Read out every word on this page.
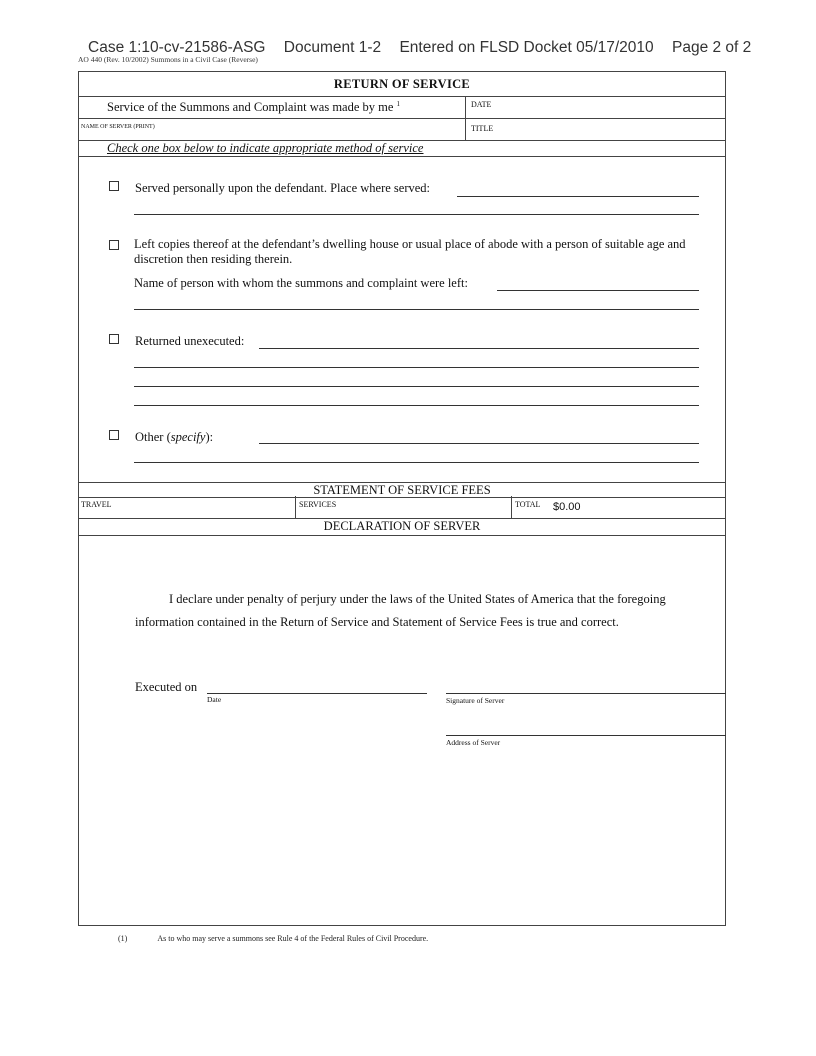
Case 1:10-cv-21586-ASG Document 1-2 Entered on FLSD Docket 05/17/2010 Page 2 of 2
AO 440 (Rev. 10/2002) Summons in a Civil Case (Reverse)
RETURN OF SERVICE
Service of the Summons and Complaint was made by me $^1$	DATE
NAME OF SERVER (PRINT)	TITLE
Check one box below to indicate appropriate method of service
Served personally upon the defendant. Place where served:
Left copies thereof at the defendant’s dwelling house or usual place of abode with a person of suitable age and discretion then residing therein.
Name of person with whom the summons and complaint were left:
Returned unexecuted:
Other (specify):
STATEMENT OF SERVICE FEES
TRAVEL	SERVICES	TOTAL $0.00
DECLARATION OF SERVER
I declare under penalty of perjury under the laws of the United States of America that the foregoing information contained in the Return of Service and Statement of Service Fees is true and correct.
Executed on
Date	Signature of Server
Address of Server
(1)	As to who may serve a summons see Rule 4 of the Federal Rules of Civil Procedure.
